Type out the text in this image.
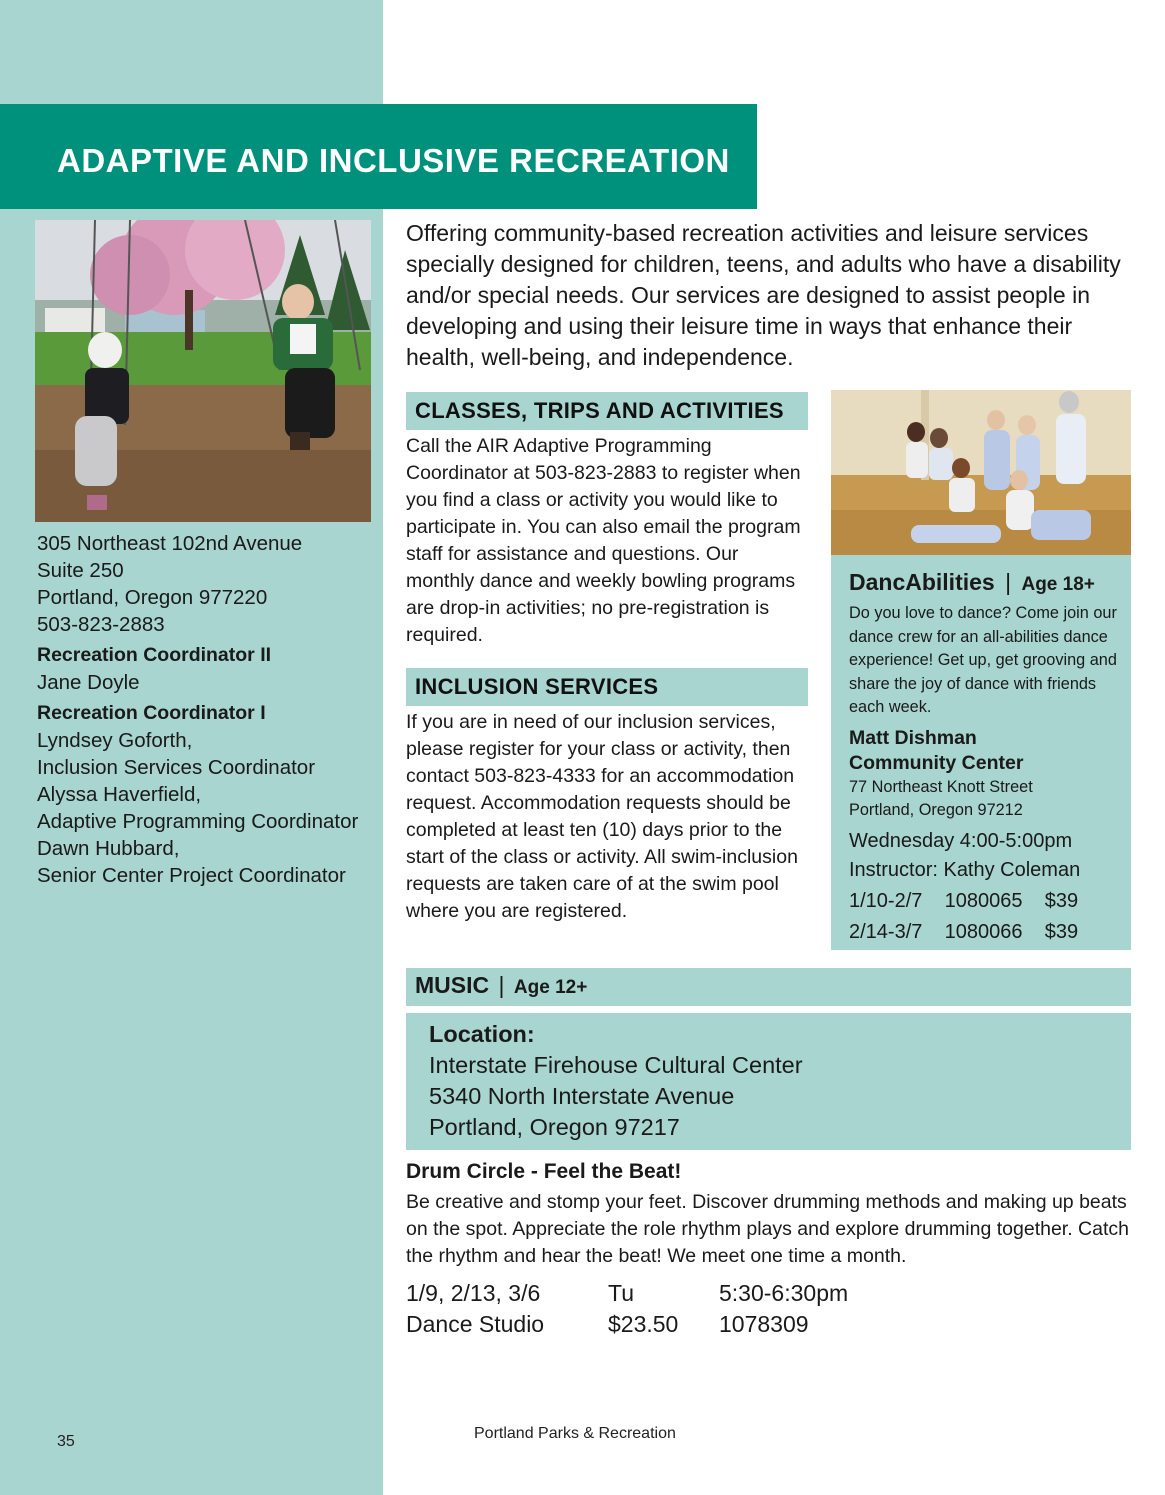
ADAPTIVE AND INCLUSIVE RECREATION
305 Northeast 102nd Avenue
Suite 250
Portland, Oregon 977220
503-823-2883
Recreation Coordinator II
Jane Doyle
Recreation Coordinator I
Lyndsey Goforth,
Inclusion Services Coordinator
Alyssa Haverfield,
Adaptive Programming Coordinator
Dawn Hubbard,
Senior Center Project Coordinator
Offering community-based recreation activities and leisure services specially designed for children, teens, and adults who have a disability and/or special needs. Our services are designed to assist people in developing and using their leisure time in ways that enhance their health, well-being, and independence.
CLASSES, TRIPS AND ACTIVITIES
Call the AIR Adaptive Programming Coordinator at 503-823-2883 to register when you find a class or activity you would like to participate in. You can also email the program staff for assistance and questions. Our monthly dance and weekly bowling programs are drop-in activities; no pre-registration is required.
INCLUSION SERVICES
If you are in need of our inclusion services, please register for your class or activity, then contact 503-823-4333 for an accommodation request. Accommodation requests should be completed at least ten (10) days prior to the start of the class or activity. All swim-inclusion requests are taken care of at the swim pool where you are registered.
DancAbilities | Age 18+
Do you love to dance? Come join our dance crew for an all-abilities dance experience! Get up, get grooving and share the joy of dance with friends each week.
Matt Dishman
Community Center
77 Northeast Knott Street
Portland, Oregon 97212
Wednesday 4:00-5:00pm
Instructor: Kathy Coleman
1/10-2/7 1080065 $39
2/14-3/7 1080066 $39
MUSIC | Age 12+
Location:
Interstate Firehouse Cultural Center
5340 North Interstate Avenue
Portland, Oregon 97217
Drum Circle - Feel the Beat!
Be creative and stomp your feet. Discover drumming methods and making up beats on the spot. Appreciate the role rhythm plays and explore drumming together. Catch the rhythm and hear the beat! We meet one time a month.
1/9, 2/13, 3/6	Tu	5:30-6:30pm
Dance Studio	$23.50 1078309
35	Portland Parks & Recreation
